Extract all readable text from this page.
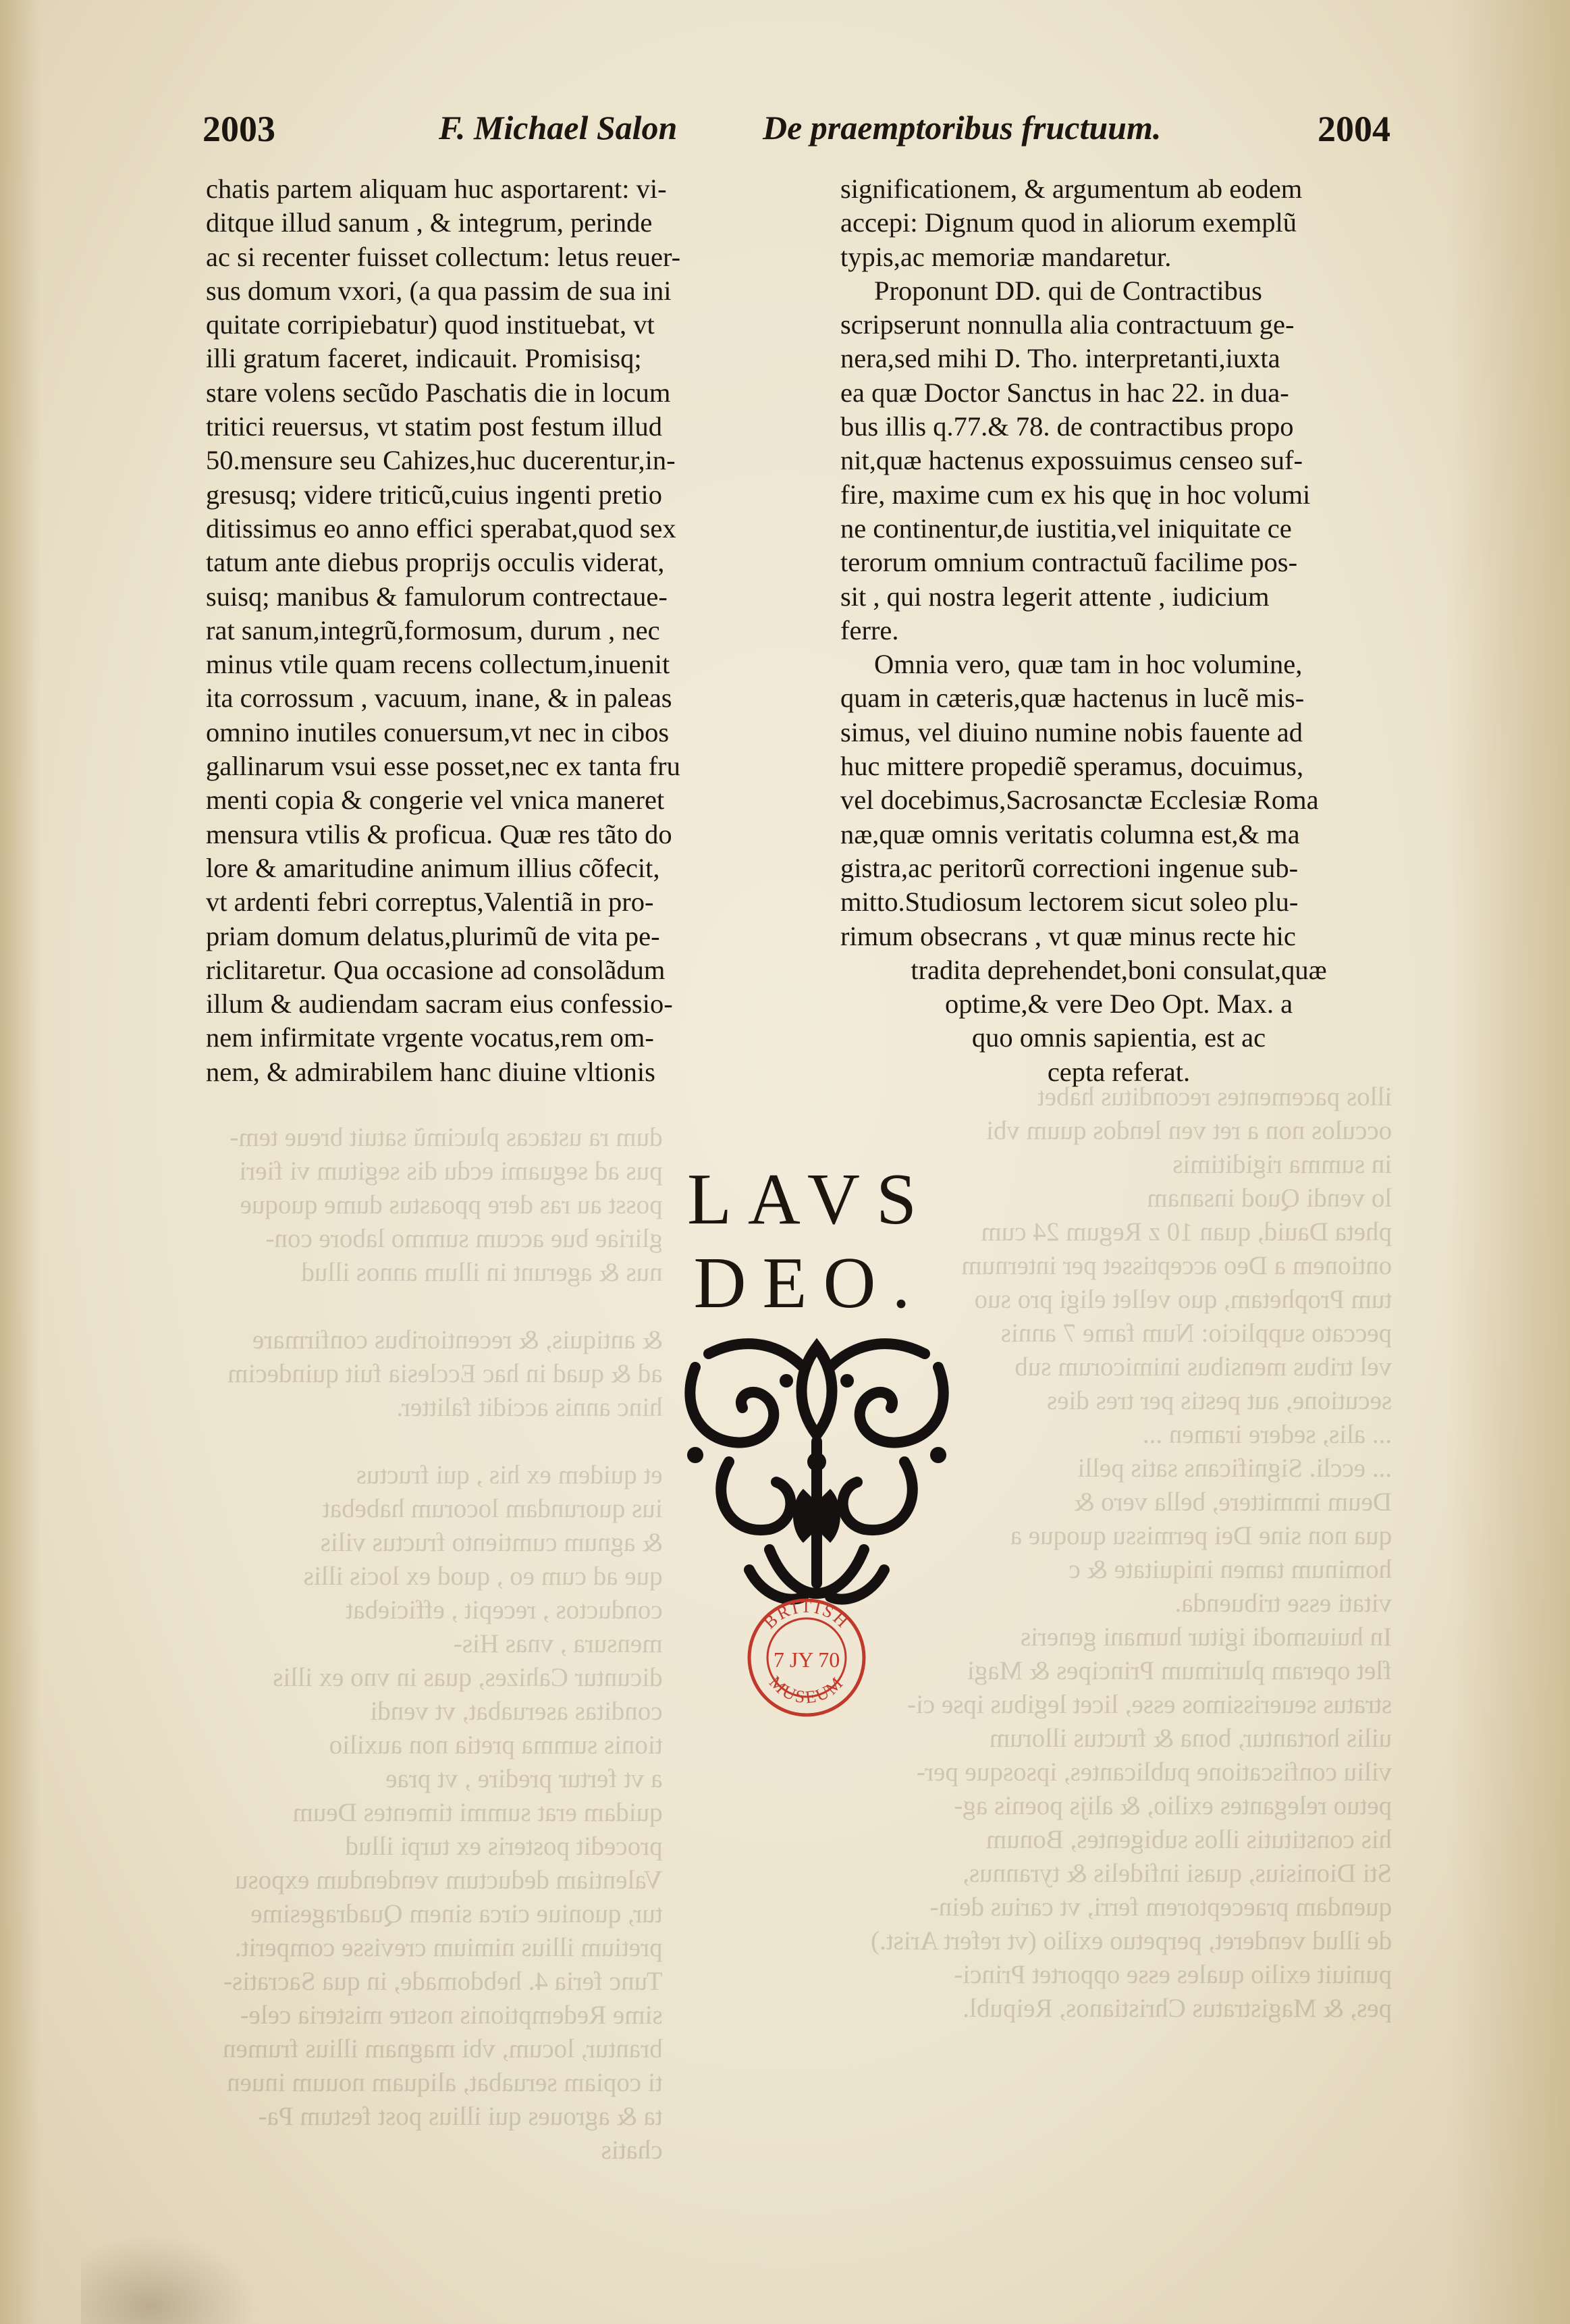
dum ra ustacas plucimũ satuit breue tem-
pus ad seguami ecdu dis segitum vi fieri
posst au ras dere ppoastus dume quoque
gliriae bue accum summo labore con-
nus & agerunt in illum annos illud

& antiquis, & recentioribus confirmare
ad & quad in hac Ecclesia fuit quindecim
hinc annis accidit falitter.

et quidem ex his , qui fructus
ius quorundam locorum habebat
& agnum cumtiento fructus vilis
que ad cum eo , quod ex locis illis
conductos , recepit , efficiebat
mensura , vnas His-
dicuntur Cahizes, quas in vno ex illis
conditas aseruabat, vt vendi
tionis summa pretia non auxilio
a vt fertur predire , vt prae
quidam erat summi timentes Deum
procedit posteris ex turpi illud
Valentiam deductum vendendum exposu
tur, quoniue circa sinem Quadragesime
pretium illius nimium crevisse comperit.
Tunc feria 4. hebdomade, in qua Sacratis-
sime Redemptionis nostre misteria cele-
brantur, locum, vbi magnam illius frumen
ti copiam seruabat, aliquam nouum inuen
ta & agroues qui illius post festum Pa-
chatis
illos pacementes reconditus habet
occulos non a ret ven lendos quum vbi
in summa rigiditimis
lo vendi Quod insanam
pheta Dauid, quan 10 z Regum 24 cum
ontionem a Deo acceptisset per internum
tum Prophetam, quo vellet eligi pro suo
peccato supplicio: Num fame 7 annis
vel tribus mensibus inimicorum sub
secutione, aut pestis per tres dies
... alis, sedere iramen ...
... eccli. Significans satis pelli
Deum immittere, bella vero &
qua non sine Dei permissu quoque a
hominum tamen iniquitate & c
vitati esse tribuenda.
In huiusmodi igitur humani generis
flet operam plurimum Principes & Magi
stratus seuerissimos esse, licet legibus ipse ci-
uilis hortantur, bona & fructus illorum
viliu confiscatione publicantes, ipsosque per-
petuo relegantes exilio, & alijs poenis ag-
his constitutis illos subigentes, Bonum
Sti Dionisius, quasi infidelis & tyrannus,
quendam praeceptorem ferri, vt carius dein-
de illud venderet, perpetuo exilio (vt refert Arist.)
puniuit exilio quales esse opportet Princi-
pes, & Magistratus Christianos, Reipubl.
2003	F. Michael Salon	De praemptoribus fructuum.	2004
chatis partem aliquam huc asportarent: vi-
ditque illud sanum , & integrum, perinde
ac si recenter fuisset collectum: letus reuer-
sus domum vxori, (a qua passim de sua ini
quitate corripiebatur) quod instituebat, vt
illi gratum faceret, indicauit. Promisisq;
stare volens secũdo Paschatis die in locum
tritici reuersus, vt statim post festum illud
50.mensure seu Cahizes,huc ducerentur,in-
gresusq; videre triticũ,cuius ingenti pretio
ditissimus eo anno effici sperabat,quod sex
tatum ante diebus proprijs occulis viderat,
suisq; manibus & famulorum contrectaue-
rat sanum,integrũ,formosum, durum , nec
minus vtile quam recens collectum,inuenit
ita corrossum , vacuum, inane, & in paleas
omnino inutiles conuersum,vt nec in cibos
gallinarum vsui esse posset,nec ex tanta fru
menti copia & congerie vel vnica maneret
mensura vtilis & proficua. Quæ res tãto do
lore & amaritudine animum illius cõfecit,
vt ardenti febri correptus,Valentiã in pro-
priam domum delatus,plurimũ de vita pe-
riclitaretur. Qua occasione ad consolãdum
illum & audiendam sacram eius confessio-
nem infirmitate vrgente vocatus,rem om-
nem, & admirabilem hanc diuine vltionis
significationem, & argumentum ab eodem
accepi: Dignum quod in aliorum exemplũ
typis,ac memoriæ mandaretur.
Proponunt DD. qui de Contractibus
scripserunt nonnulla alia contractuum ge-
nera,sed mihi D. Tho. interpretanti,iuxta
ea quæ Doctor Sanctus in hac 22. in dua-
bus illis q.77.& 78. de contractibus propo
nit,quæ hactenus expossuimus censeo suf-
fire, maxime cum ex his quę in hoc volumi
ne continentur,de iustitia,vel iniquitate ce
terorum omnium contractuũ facilime pos-
sit , qui nostra legerit attente , iudicium
ferre.
Omnia vero, quæ tam in hoc volumine,
quam in cæteris,quæ hactenus in lucẽ mis-
simus, vel diuino numine nobis fauente ad
huc mittere propediẽ speramus, docuimus,
vel docebimus,Sacrosanctæ Ecclesiæ Roma
næ,quæ omnis veritatis columna est,& ma
gistra,ac peritorũ correctioni ingenue sub-
mitto.Studiosum lectorem sicut soleo plu-
rimum obsecrans , vt quæ minus recte hic
tradita deprehendet,boni consulat,quæ
optime,& vere Deo Opt. Max. a
quo omnis sapientia, est ac
cepta referat.
LAVS DEO.
BRITISH
MUSEUM
7 JY 70
